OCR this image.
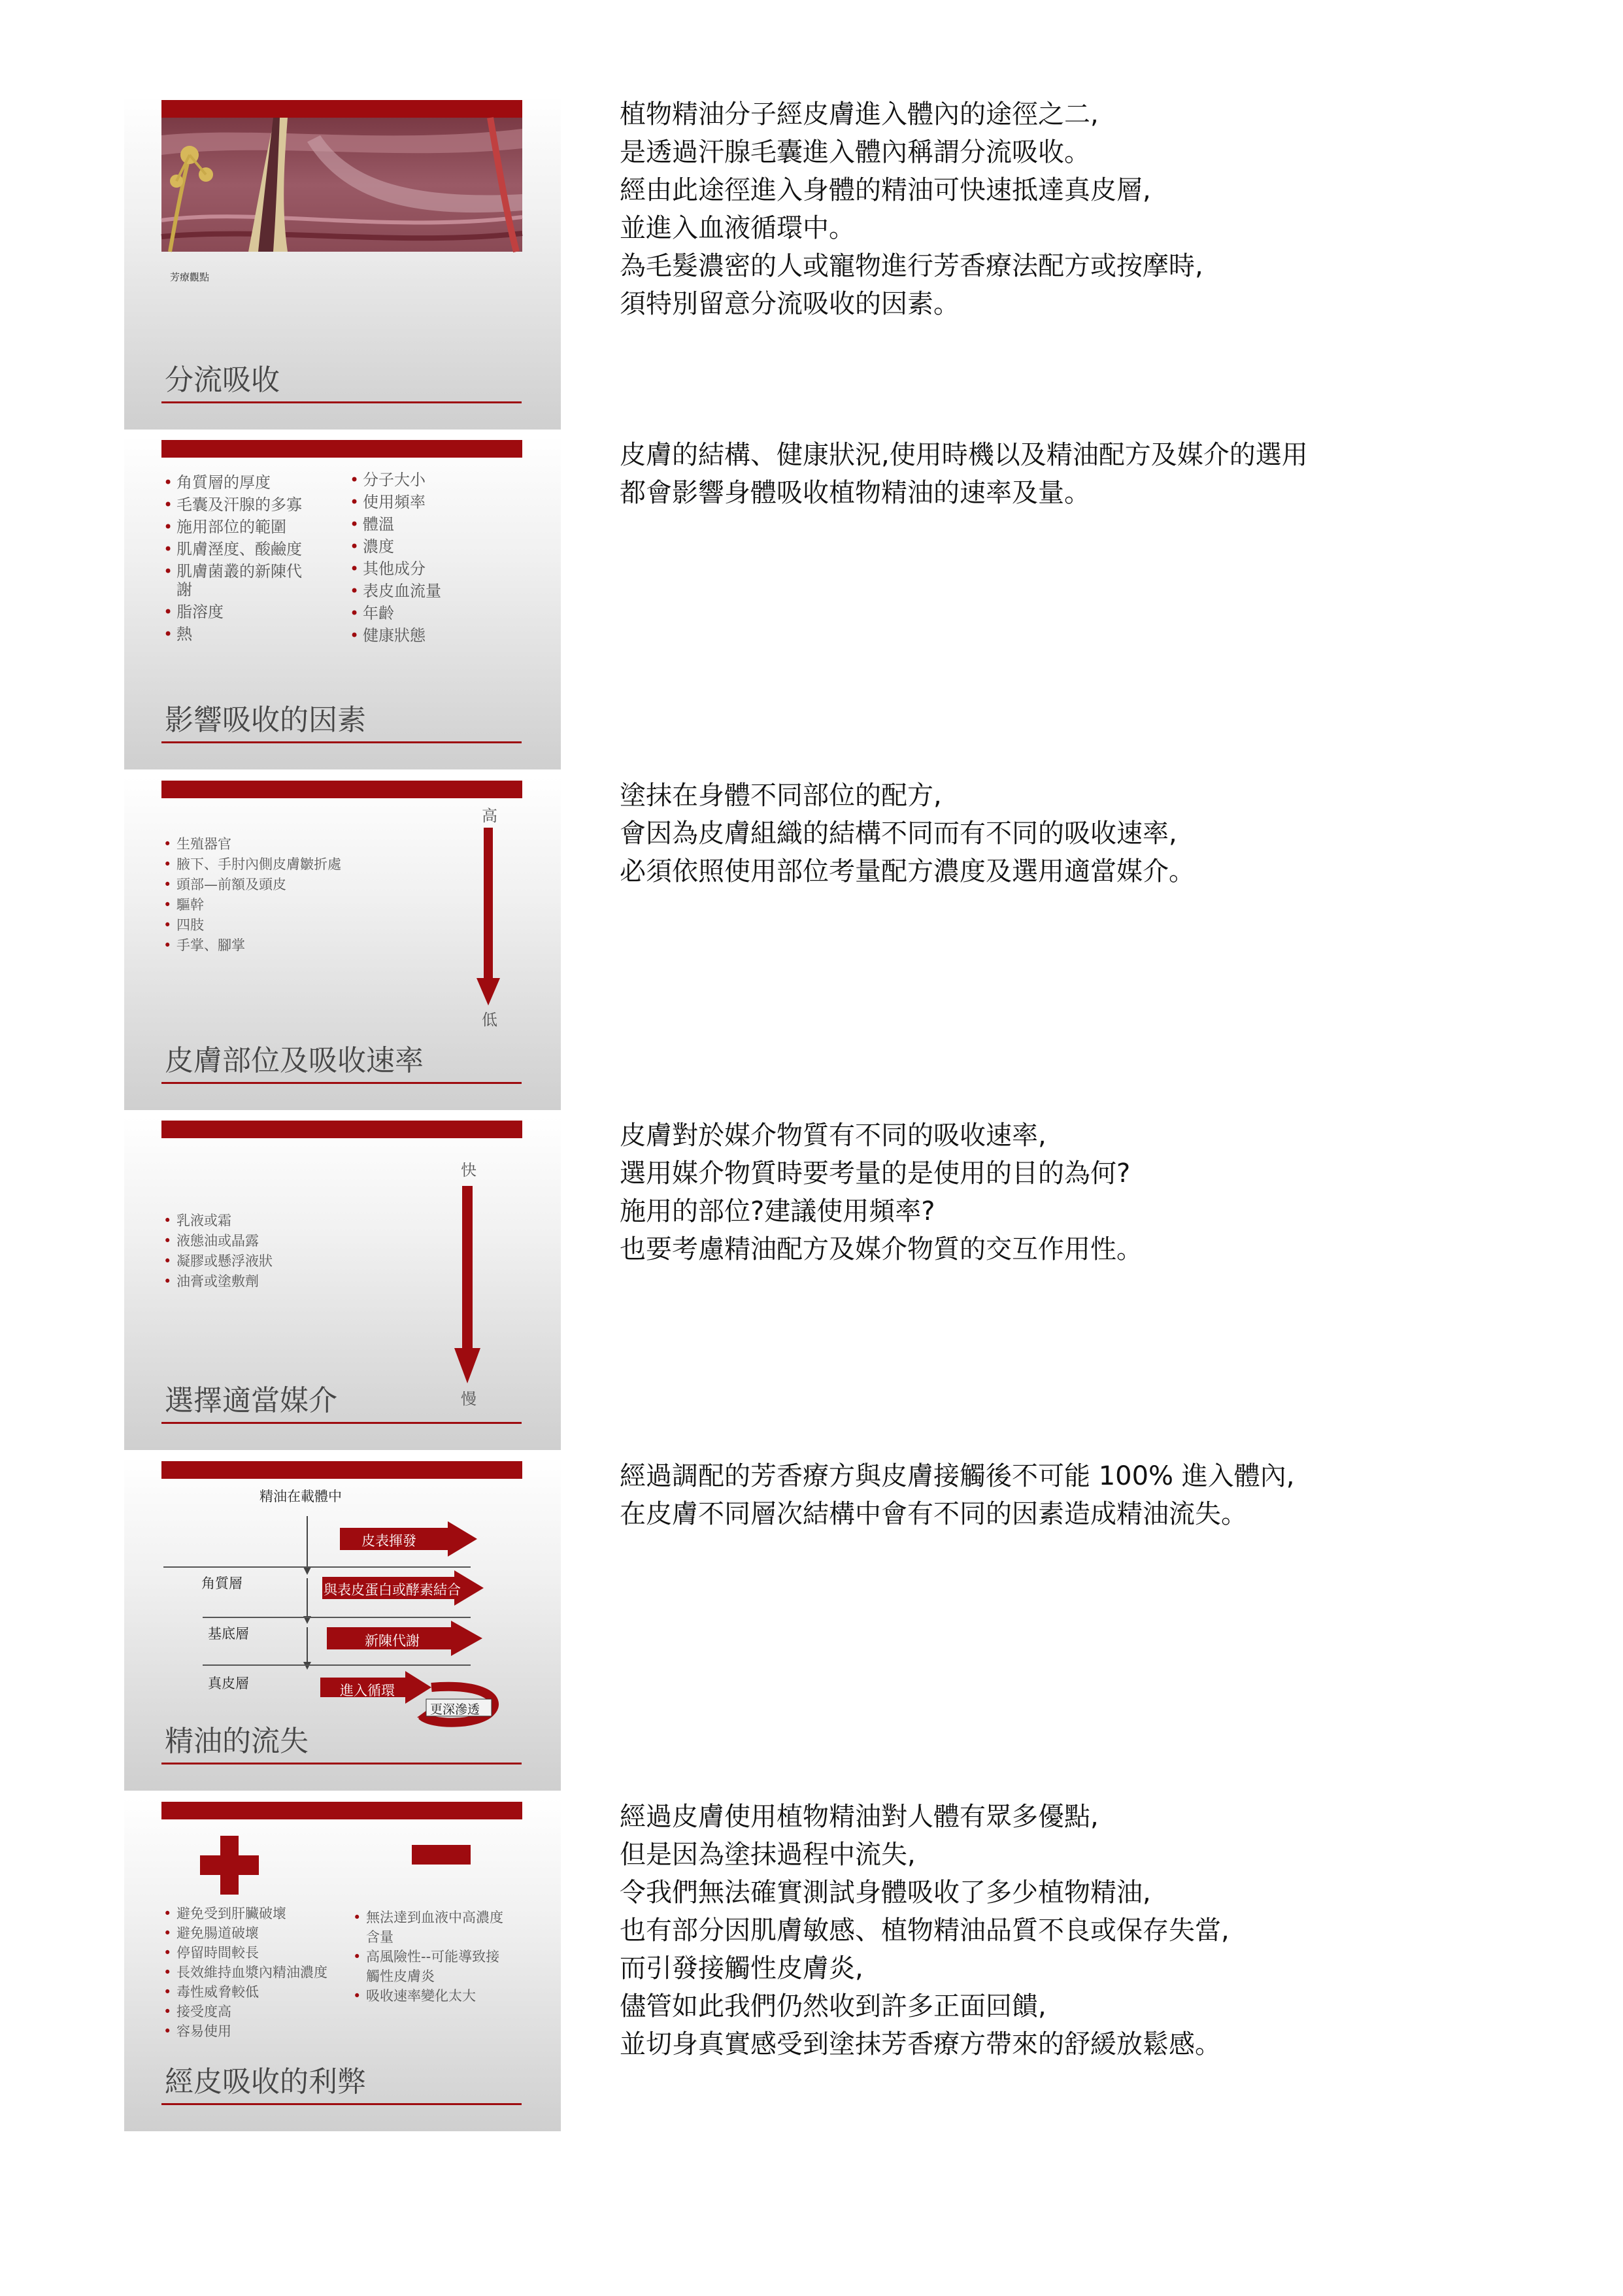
芳療觀點
分流吸收
植物精油分子經皮膚進入體內的途徑之二,
是透過汗腺毛囊進入體內稱謂分流吸收。
經由此途徑進入身體的精油可快速抵達真皮層,
並進入血液循環中。
為毛髮濃密的人或寵物進行芳香療法配方或按摩時,
須特別留意分流吸收的因素。
• 角質層的厚度
• 毛囊及汗腺的多寡
• 施用部位的範圍
• 肌膚溼度、酸鹼度
• 肌膚菌叢的新陳代
謝
• 脂溶度
• 熱
• 分子大小
• 使用頻率
• 體溫
• 濃度
• 其他成分
• 表皮血流量
• 年齡
• 健康狀態
影響吸收的因素
皮膚的結構、健康狀況,使用時機以及精油配方及媒介的選用
都會影響身體吸收植物精油的速率及量。
• 生殖器官
• 腋下、手肘內側皮膚皺折處
• 頭部—前額及頭皮
• 驅幹
• 四肢
• 手掌、腳掌
高
低
皮膚部位及吸收速率
塗抹在身體不同部位的配方,
會因為皮膚組織的結構不同而有不同的吸收速率,
必須依照使用部位考量配方濃度及選用適當媒介。
• 乳液或霜
• 液態油或晶露
• 凝膠或懸浮液狀
• 油膏或塗敷劑
快
慢
選擇適當媒介
皮膚對於媒介物質有不同的吸收速率,
選用媒介物質時要考量的是使用的目的為何?
施用的部位?建議使用頻率?
也要考慮精油配方及媒介物質的交互作用性。
精油在載體中
角質層
基底層
真皮層
皮表揮發
與表皮蛋白或酵素結合
新陳代謝
進入循環
更深滲透
精油的流失
經過調配的芳香療方與皮膚接觸後不可能 100% 進入體內,
在皮膚不同層次結構中會有不同的因素造成精油流失。
• 避免受到肝臟破壞
• 避免腸道破壞
• 停留時間較長
• 長效維持血漿內精油濃度
• 毒性威脅較低
• 接受度高
• 容易使用
• 無法達到血液中高濃度
含量
• 高風險性--可能導致接
觸性皮膚炎
• 吸收速率變化太大
經皮吸收的利弊
經過皮膚使用植物精油對人體有眾多優點,
但是因為塗抹過程中流失,
令我們無法確實測試身體吸收了多少植物精油,
也有部分因肌膚敏感、植物精油品質不良或保存失當,
而引發接觸性皮膚炎,
儘管如此我們仍然收到許多正面回饋,
並切身真實感受到塗抹芳香療方帶來的舒緩放鬆感。
